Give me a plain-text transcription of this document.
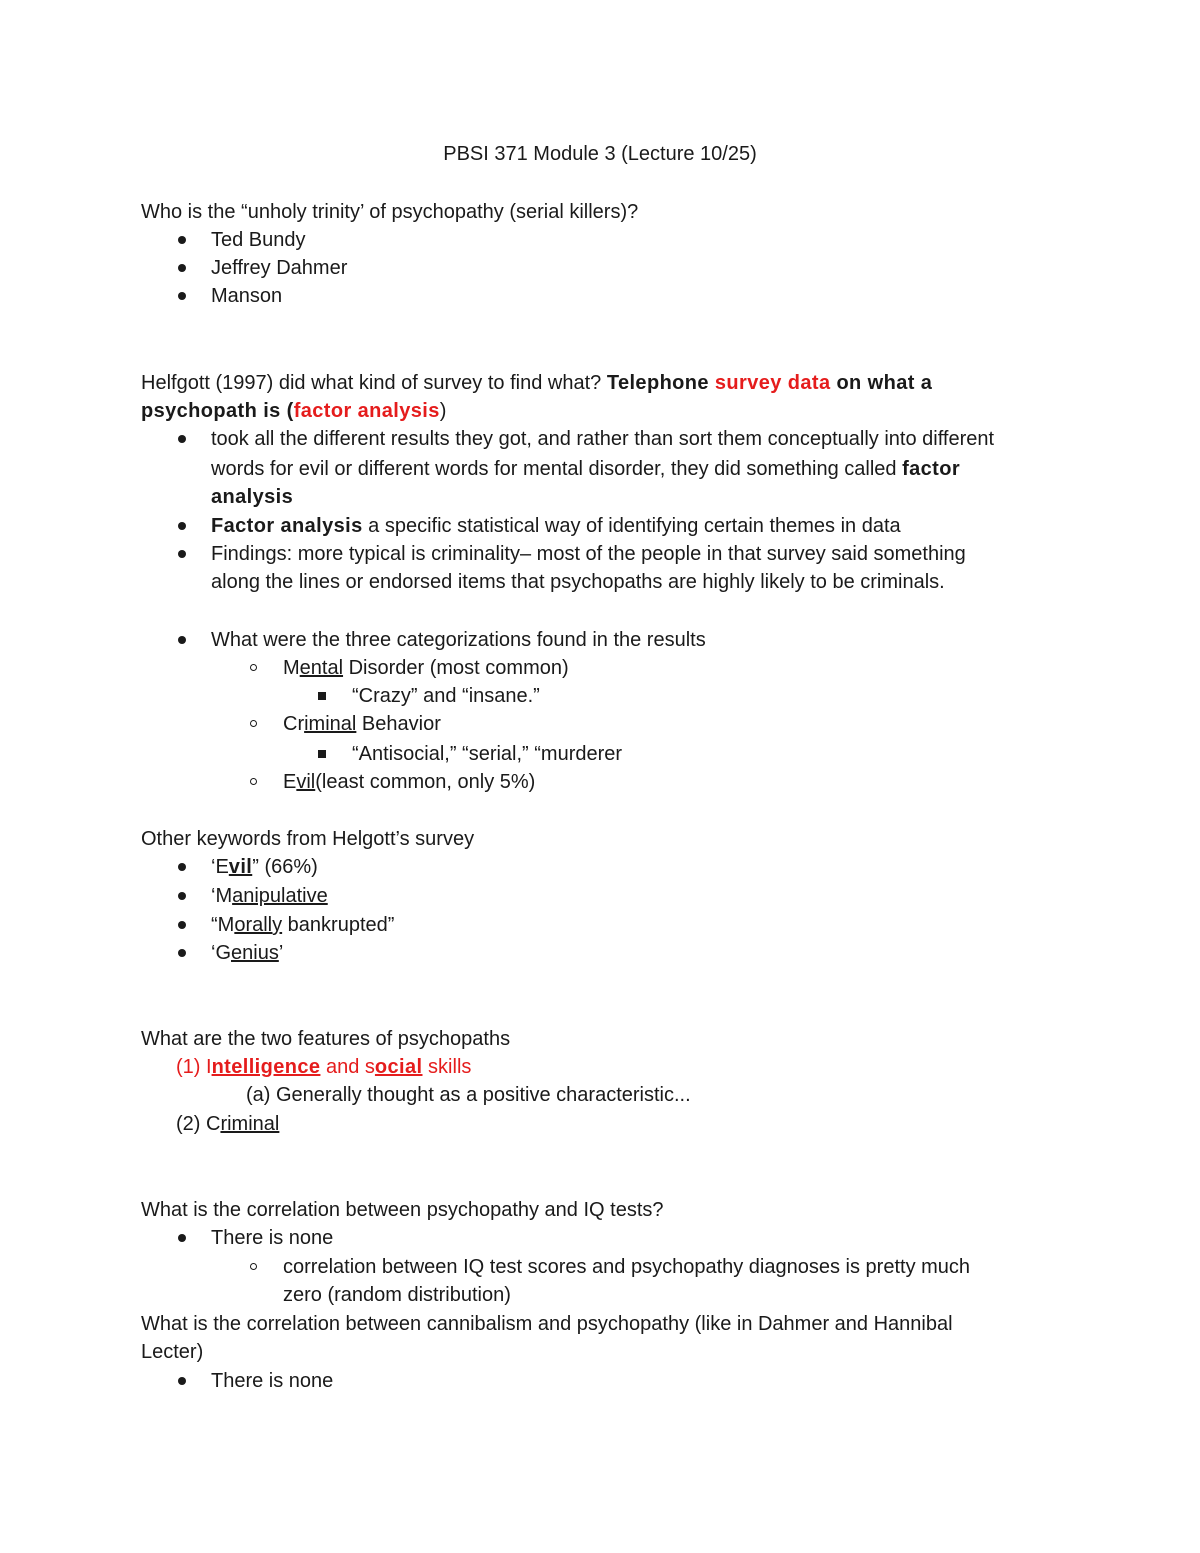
PBSI 371 Module 3 (Lecture 10/25)
Who is the “unholy trinity’ of psychopathy (serial killers)?
Ted Bundy
Jeffrey Dahmer
Manson
Helfgott (1997) did what kind of survey to find what? Telephone survey data on what a
psychopath is (factor analysis)
took all the different results they got, and rather than sort them conceptually into different
words for evil or different words for mental disorder, they did something called factor
analysis
Factor analysis a specific statistical way of identifying certain themes in data
Findings: more typical is criminality– most of the people in that survey said something
along the lines or endorsed items that psychopaths are highly likely to be criminals.
What were the three categorizations found in the results
Mental Disorder (most common)
“Crazy” and “insane.”
Criminal Behavior
“Antisocial,” “serial,” “murderer
Evil(least common, only 5%)
Other keywords from Helgott’s survey
‘Evil” (66%)
‘Manipulative
“Morally bankrupted”
‘Genius’
What are the two features of psychopaths
(1) Intelligence and social skills
(a) Generally thought as a positive characteristic...
(2) Criminal
What is the correlation between psychopathy and IQ tests?
There is none
correlation between IQ test scores and psychopathy diagnoses is pretty much
zero (random distribution)
What is the correlation between cannibalism and psychopathy (like in Dahmer and Hannibal
Lecter)
There is none
